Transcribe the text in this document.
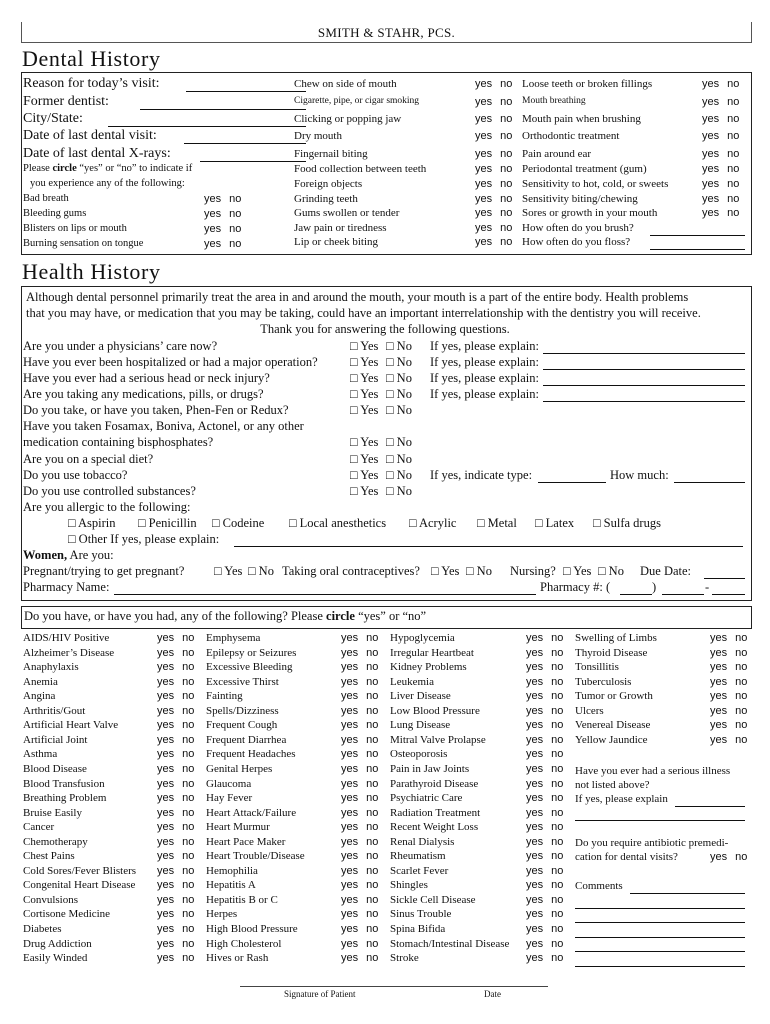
SMITH & STAHR, PCS.
Dental History
Health History
Although dental personnel primarily treat the area in and around the mouth, your mouth is a part of the entire body. Health problems
that you may have, or medication that you may be taking, could have an important interrelationship with the dentistry you will receive.
Thank you for answering the following questions.
Do you have, or have you had, any of the following? Please circle “yes” or “no”
Signature of Patient	Date
Reason for today’s visit:
Former dentist:
City/State:
Date of last dental visit:
Date of last dental X-rays:
Please circle “yes” or “no” to indicate if
you experience any of the following:
Bad breath	yes no
Bleeding gums	yes no
Blisters on lips or mouth	yes no
Burning sensation on tongue	yes no
Chew on side of mouth	yes no
Cigarette, pipe, or cigar smoking	yes no
Clicking or popping jaw	yes no
Dry mouth	yes no
Fingernail biting	yes no
Food collection between teeth	yes no
Foreign objects	yes no
Grinding teeth	yes no
Gums swollen or tender	yes no
Jaw pain or tiredness	yes no
Lip or cheek biting	yes no
Loose teeth or broken fillings	yes no
Mouth breathing	yes no
Mouth pain when brushing	yes no
Orthodontic treatment	yes no
Pain around ear	yes no
Periodontal treatment (gum)	yes no
Sensitivity to hot, cold, or sweets	yes no
Sensitivity biting/chewing	yes no
Sores or growth in your mouth	yes no
How often do you brush?
How often do you floss?
Are you under a physicians’ care now?	□ Yes □ No If yes, please explain:
Have you ever been hospitalized or had a major operation?	□ Yes □ No If yes, please explain:
Have you ever had a serious head or neck injury?	□ Yes □ No If yes, please explain:
Are you taking any medications, pills, or drugs?	□ Yes □ No If yes, please explain:
Do you take, or have you taken, Phen-Fen or Redux?	□ Yes □ No
Have you taken Fosamax, Boniva, Actonel, or any other
medication containing bisphosphates?	□ Yes □ No
Are you on a special diet?	□ Yes □ No
Do you use tobacco?	□ Yes □ No If yes, indicate type:	How much:
Do you use controlled substances?	□ Yes □ No
Are you allergic to the following:
□ Aspirin □ Penicillin □ Codeine □ Local anesthetics □ Acrylic □ Metal □ Latex □ Sulfa drugs
□ Other If yes, please explain:
Women, Are you:
Pregnant/trying to get pregnant? □ Yes □ No Taking oral contraceptives? □ Yes □ No Nursing? □ Yes □ No Due Date:
Pharmacy Name:	Pharmacy #: (	)	-
AIDS/HIV Positive	yes no
Alzheimer’s Disease	yes no
Anaphylaxis	yes no
Anemia	yes no
Angina	yes no
Arthritis/Gout	yes no
Artificial Heart Valve	yes no
Artificial Joint	yes no
Asthma	yes no
Blood Disease	yes no
Blood Transfusion	yes no
Breathing Problem	yes no
Bruise Easily	yes no
Cancer	yes no
Chemotherapy	yes no
Chest Pains	yes no
Cold Sores/Fever Blisters yes no
Congenital Heart Disease yes no
Convulsions	yes no
Cortisone Medicine	yes no
Diabetes	yes no
Drug Addiction	yes no
Easily Winded	yes no
Emphysema	yes no
Epilepsy or Seizures	yes no
Excessive Bleeding	yes no
Excessive Thirst	yes no
Fainting	yes no
Spells/Dizziness	yes no
Frequent Cough	yes no
Frequent Diarrhea	yes no
Frequent Headaches	yes no
Genital Herpes	yes no
Glaucoma	yes no
Hay Fever	yes no
Heart Attack/Failure	yes no
Heart Murmur	yes no
Heart Pace Maker	yes no
Heart Trouble/Disease	yes no
Hemophilia	yes no
Hepatitis A	yes no
Hepatitis B or C	yes no
Herpes	yes no
High Blood Pressure	yes no
High Cholesterol	yes no
Hives or Rash	yes no
Hypoglycemia	yes no
Irregular Heartbeat	yes no
Kidney Problems	yes no
Leukemia	yes no
Liver Disease	yes no
Low Blood Pressure	yes no
Lung Disease	yes no
Mitral Valve Prolapse	yes no
Osteoporosis	yes no
Pain in Jaw Joints	yes no
Parathyroid Disease	yes no
Psychiatric Care	yes no
Radiation Treatment	yes no
Recent Weight Loss	yes no
Renal Dialysis	yes no
Rheumatism	yes no
Scarlet Fever	yes no
Shingles	yes no
Sickle Cell Disease	yes no
Sinus Trouble	yes no
Spina Bifida	yes no
Stomach/Intestinal Disease yes no
Stroke	yes no
Swelling of Limbs	yes no
Thyroid Disease	yes no
Tonsillitis	yes no
Tuberculosis	yes no
Tumor or Growth	yes no
Ulcers	yes no
Venereal Disease	yes no
Yellow Jaundice	yes no
Have you ever had a serious illness
not listed above?
If yes, please explain
Do you require antibiotic premedi-
cation for dental visits?	yes no
Comments
